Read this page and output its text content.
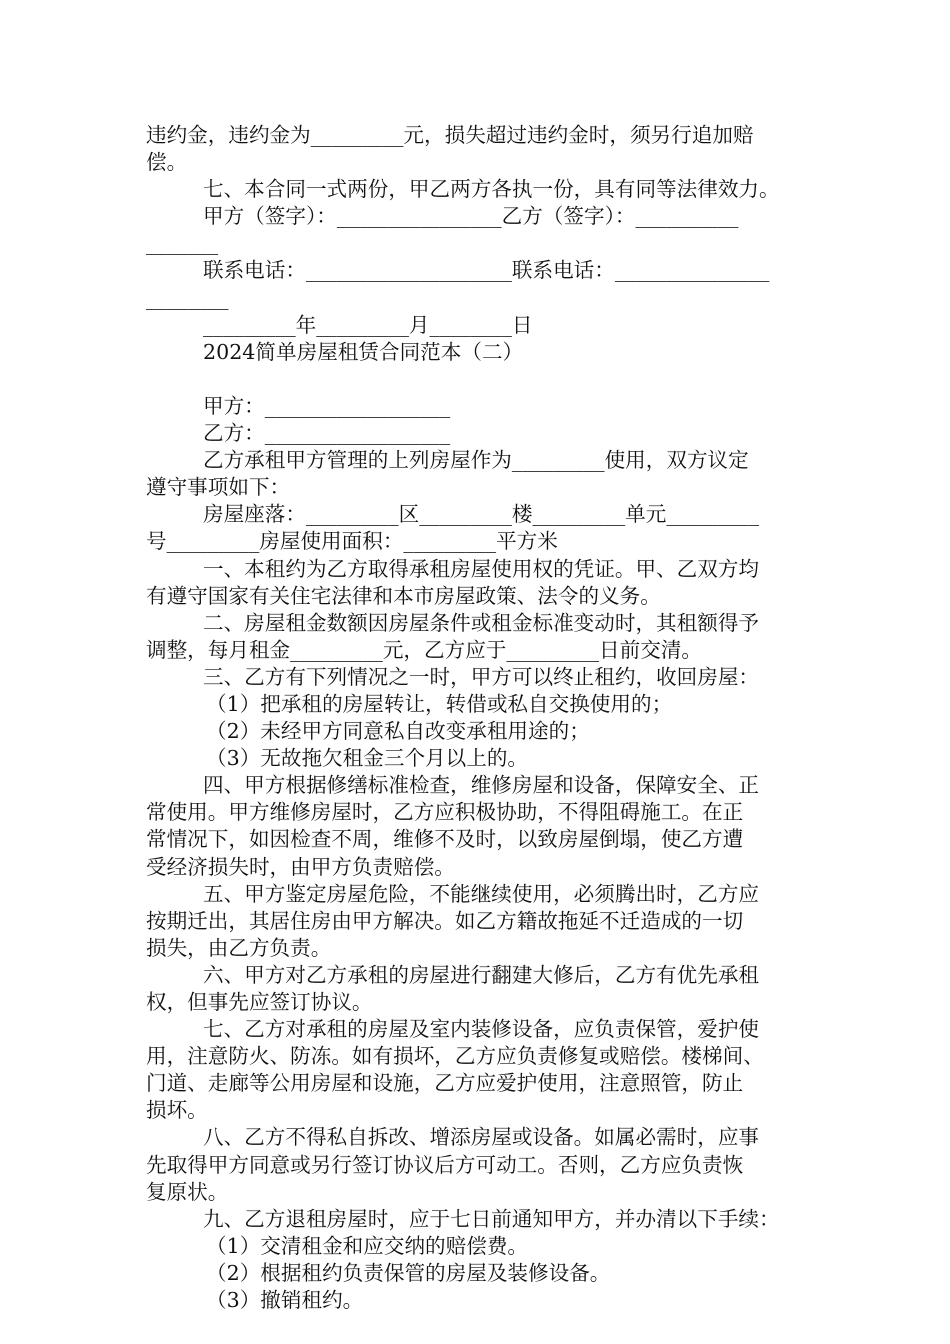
违约金，违约金为_________元，损失超过违约金时，须另行追加赔
偿。
七、本合同一式两份，甲乙两方各执一份，具有同等法律效力。
甲方（签字）：________________乙方（签字）：__________
_______
联系电话：____________________联系电话：_______________
________
_________年_________月________日
2024简单房屋租赁合同范本（二）
甲方：__________________
乙方：__________________
乙方承租甲方管理的上列房屋作为_________使用，双方议定
遵守事项如下：
房屋座落：_________区_________楼_________单元_________
号_________房屋使用面积：_________平方米
一、本租约为乙方取得承租房屋使用权的凭证。甲、乙双方均
有遵守国家有关住宅法律和本市房屋政策、法令的义务。
二、房屋租金数额因房屋条件或租金标准变动时，其租额得予
调整，每月租金_________元，乙方应于_________日前交清。
三、乙方有下列情况之一时，甲方可以终止租约，收回房屋：
（1）把承租的房屋转让，转借或私自交换使用的；
（2）未经甲方同意私自改变承租用途的；
（3）无故拖欠租金三个月以上的。
四、甲方根据修缮标准检查，维修房屋和设备，保障安全、正
常使用。甲方维修房屋时，乙方应积极协助，不得阻碍施工。在正
常情况下，如因检查不周，维修不及时，以致房屋倒塌，使乙方遭
受经济损失时，由甲方负责赔偿。
五、甲方鉴定房屋危险，不能继续使用，必须腾出时，乙方应
按期迁出，其居住房由甲方解决。如乙方籍故拖延不迁造成的一切
损失，由乙方负责。
六、甲方对乙方承租的房屋进行翻建大修后，乙方有优先承租
权，但事先应签订协议。
七、乙方对承租的房屋及室内装修设备，应负责保管，爱护使
用，注意防火、防冻。如有损坏，乙方应负责修复或赔偿。楼梯间、
门道、走廊等公用房屋和设施，乙方应爱护使用，注意照管，防止
损坏。
八、乙方不得私自拆改、增添房屋或设备。如属必需时，应事
先取得甲方同意或另行签订协议后方可动工。否则，乙方应负责恢
复原状。
九、乙方退租房屋时，应于七日前通知甲方，并办清以下手续：
（1）交清租金和应交纳的赔偿费。
（2）根据租约负责保管的房屋及装修设备。
（3）撤销租约。
